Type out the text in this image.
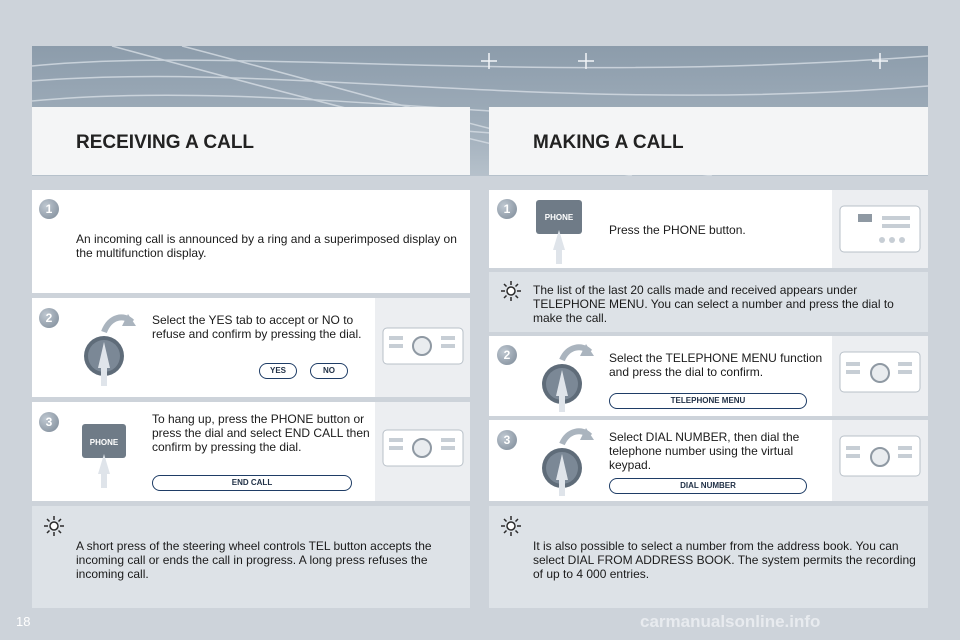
RECEIVING A CALL	MAKING A CALL
1
An incoming call is announced by a ring and a superimposed display on the multifunction display.
2	Select the YES tab to accept or NO to refuse and confirm by pressing the dial.
YES	NO
3
PHONE
To hang up, press the PHONE button or press the dial and select END CALL then confirm by pressing the dial.
END CALL
A short press of the steering wheel controls TEL button accepts the incoming call or ends the call in progress. A long press refuses the incoming call.
1
PHONE
Press the PHONE button.
The list of the last 20 calls made and received appears under TELEPHONE MENU. You can select a number and press the dial to make the call.
2	Select the TELEPHONE MENU function and press the dial to confirm.
TELEPHONE MENU
3	Select DIAL NUMBER, then dial the telephone number using the virtual keypad.
DIAL NUMBER
It is also possible to select a number from the address book. You can select DIAL FROM ADDRESS BOOK. The system permits the recording of up to 4 000 entries.
18	carmanualsonline.info
